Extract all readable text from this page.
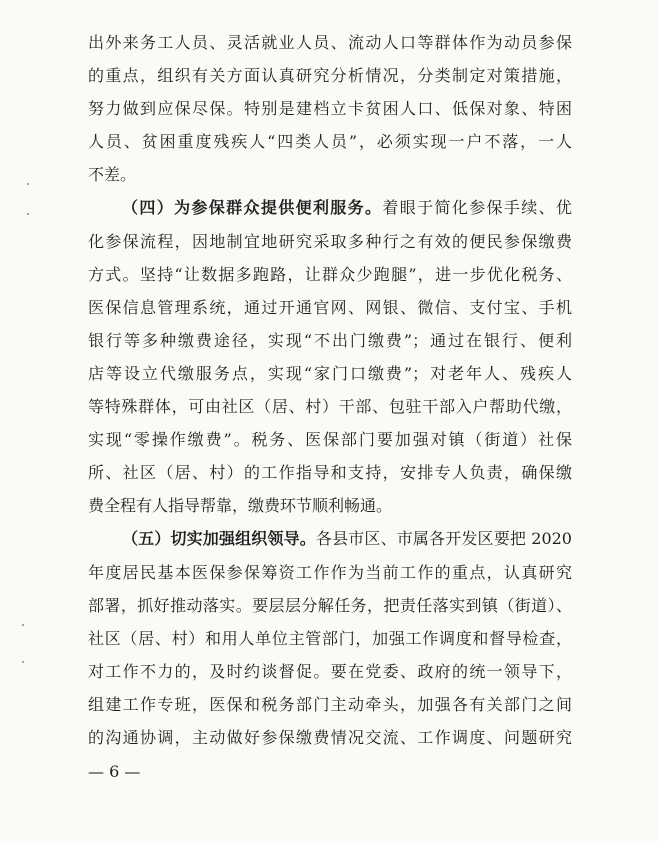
出外来务工人员、灵活就业人员、流动人口等群体作为动员参保
的重点，组织有关方面认真研究分析情况，分类制定对策措施，
努力做到应保尽保。特别是建档立卡贫困人口、低保对象、特困
人员、贫困重度残疾人“四类人员”，必须实现一户不落，一人
不差。
（四）为参保群众提供便利服务。着眼于简化参保手续、优
化参保流程，因地制宜地研究采取多种行之有效的便民参保缴费
方式。坚持“让数据多跑路，让群众少跑腿”，进一步优化税务、
医保信息管理系统，通过开通官网、网银、微信、支付宝、手机
银行等多种缴费途径，实现“不出门缴费”；通过在银行、便利
店等设立代缴服务点，实现“家门口缴费”；对老年人、残疾人
等特殊群体，可由社区（居、村）干部、包驻干部入户帮助代缴，
实现“零操作缴费”。税务、医保部门要加强对镇（街道）社保
所、社区（居、村）的工作指导和支持，安排专人负责，确保缴
费全程有人指导帮靠，缴费环节顺利畅通。
（五）切实加强组织领导。各县市区、市属各开发区要把 2020
年度居民基本医保参保筹资工作作为当前工作的重点，认真研究
部署，抓好推动落实。要层层分解任务，把责任落实到镇（街道）、
社区（居、村）和用人单位主管部门，加强工作调度和督导检查，
对工作不力的，及时约谈督促。要在党委、政府的统一领导下，
组建工作专班，医保和税务部门主动牵头，加强各有关部门之间
的沟通协调，主动做好参保缴费情况交流、工作调度、问题研究
— 6 —
